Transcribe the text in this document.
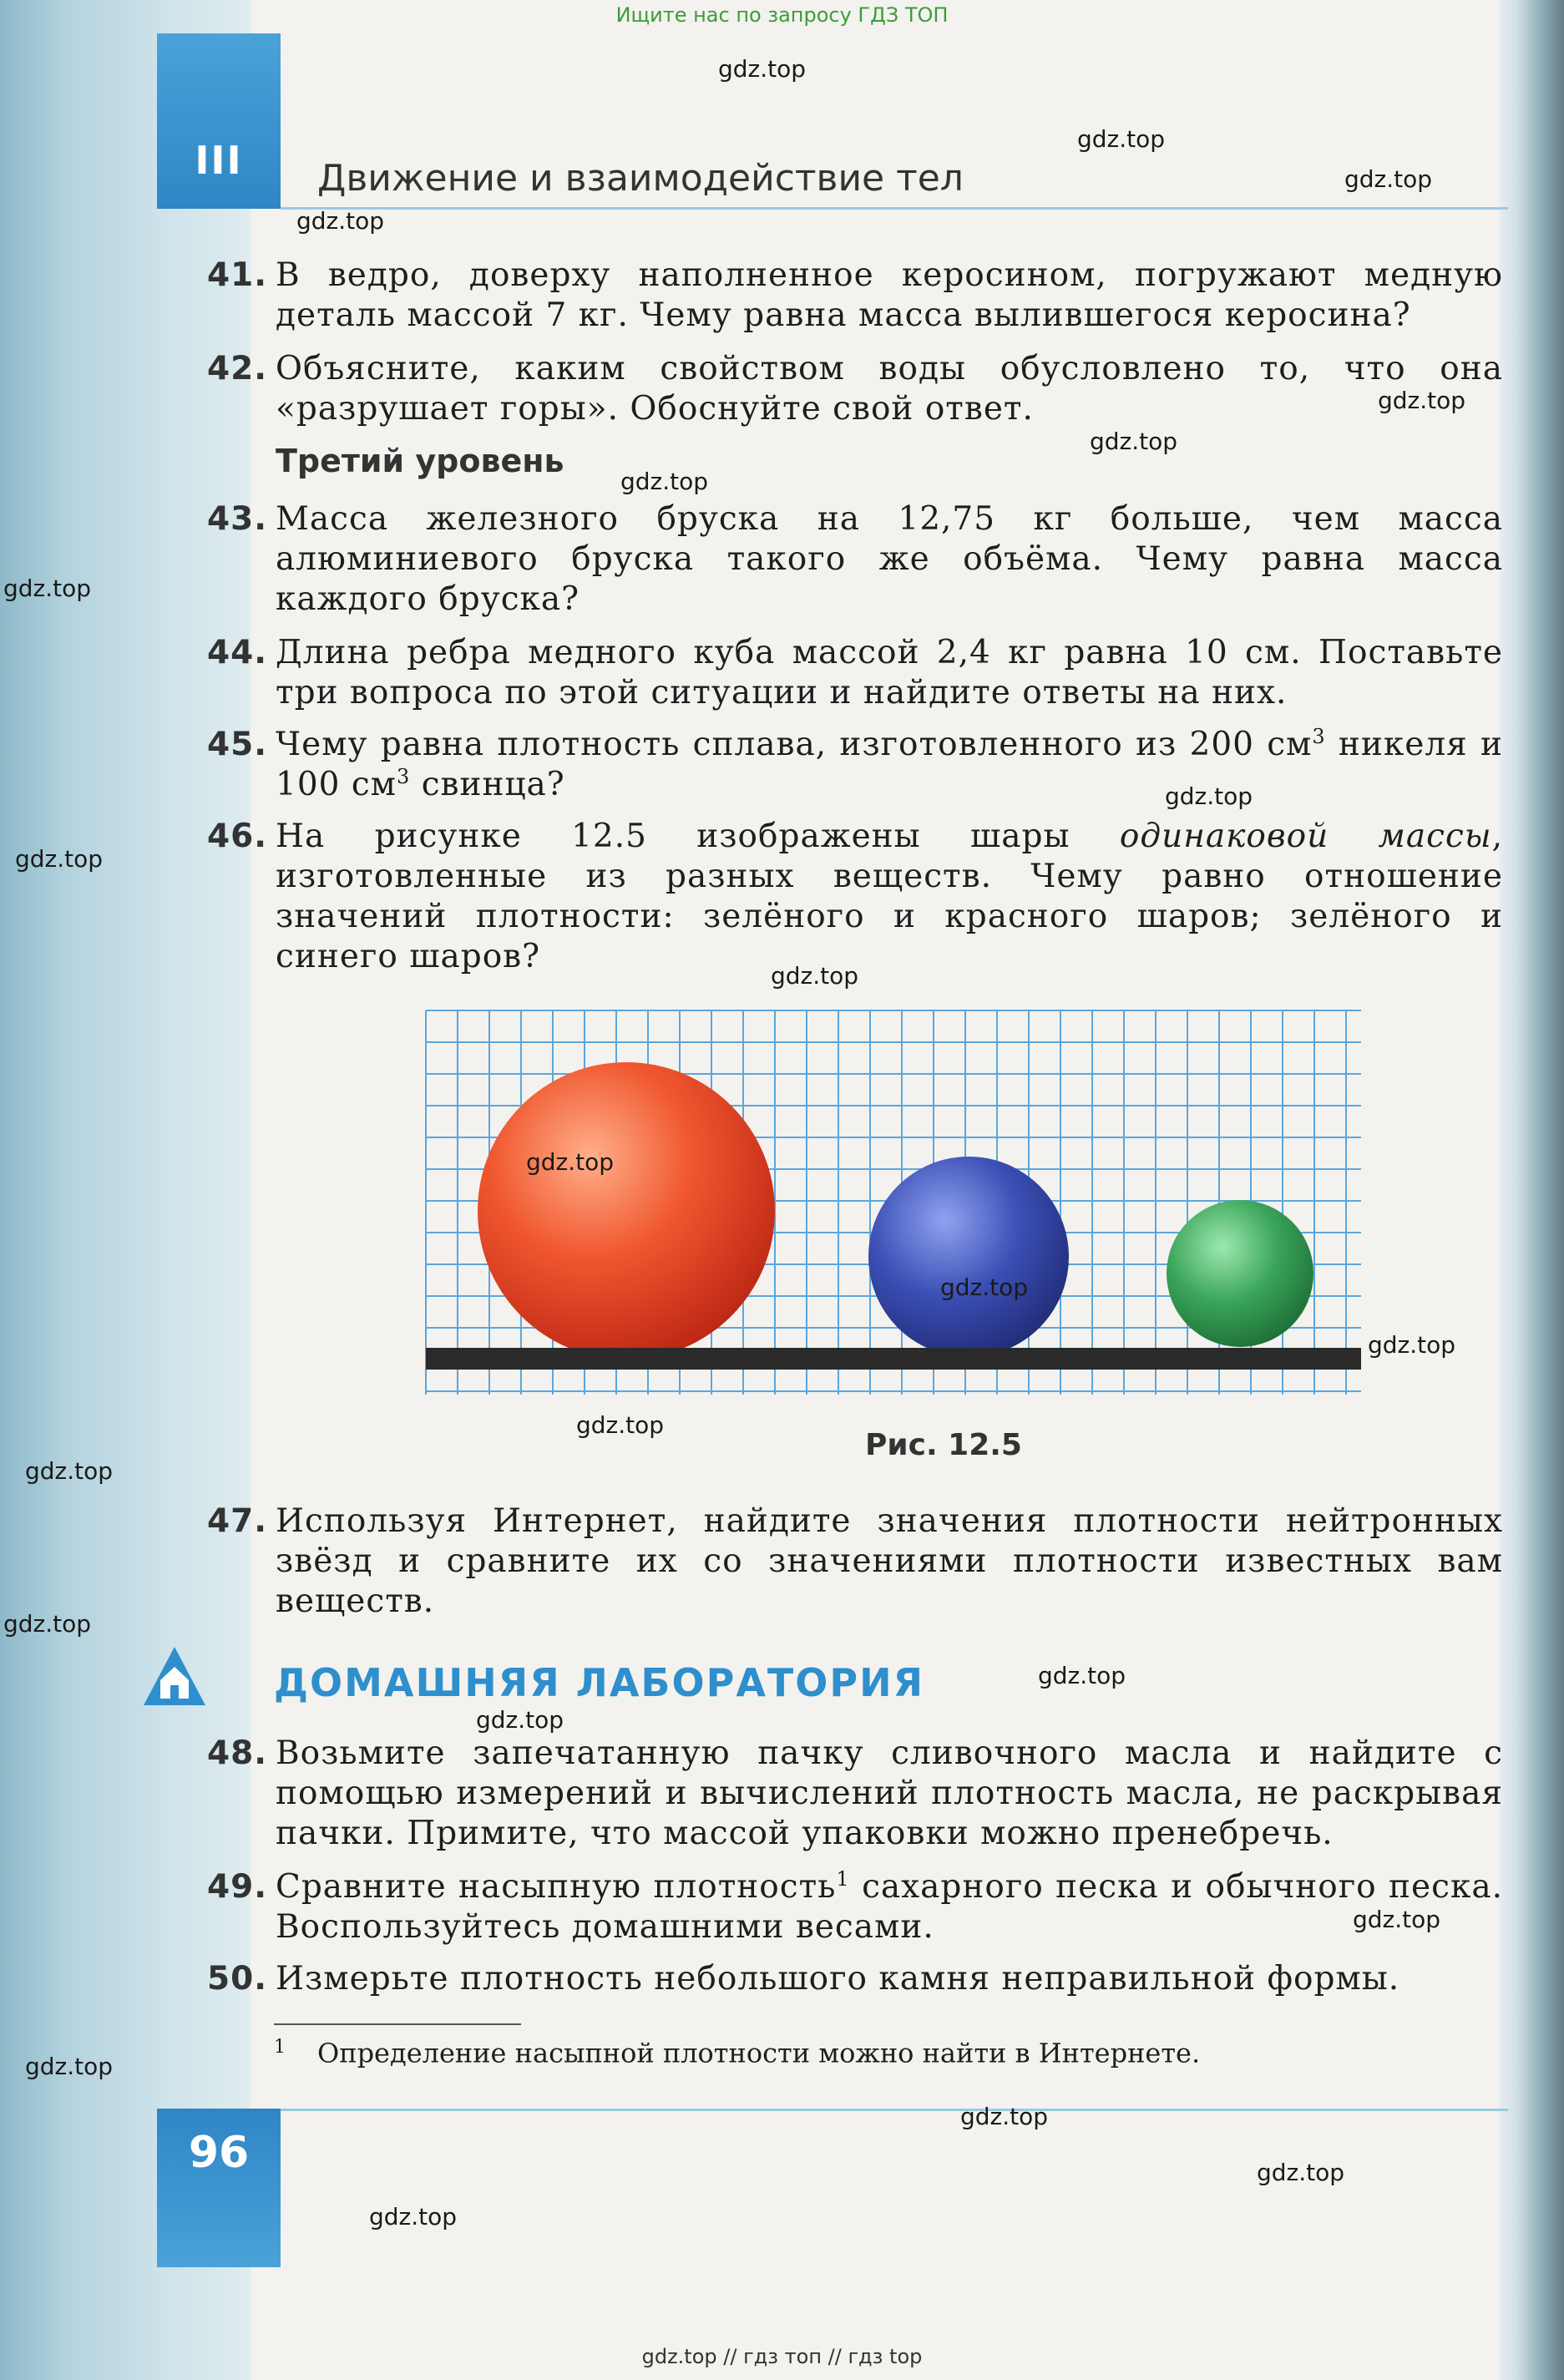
Ищите нас по запросу ГДЗ ТОП
III	Движение и взаимодействие тел

41. В ведро, доверху наполненное керосином, погружают медную деталь массой 7 кг. Чему равна масса вылившегося керосина?

42. Объясните, каким свойством воды обусловлено то, что она «разрушает горы». Обоснуйте свой ответ.

Третий уровень

43. Масса железного бруска на 12,75 кг больше, чем масса алюминиевого бруска такого же объёма. Чему равна масса каждого бруска?

44. Длина ребра медного куба массой 2,4 кг равна 10 см. Поставьте три вопроса по этой ситуации и найдите ответы на них.

45. Чему равна плотность сплава, изготовленного из 200 $см^3$ никеля и 100 $см^3$ свинца?

46. На рисунке 12.5 изображены шары одинаковой массы, изготовленные из разных веществ. Чему равно отношение значений плотности: зелёного и красного шаров; зелёного и синего шаров?

Рис. 12.5

47. Используя Интернет, найдите значения плотности нейтронных звёзд и сравните их со значениями плотности известных вам веществ.

ДОМАШНЯЯ ЛАБОРАТОРИЯ

48. Возьмите запечатанную пачку сливочного масла и найдите с помощью измерений и вычислений плотность масла, не раскрывая пачки. Примите, что массой упаковки можно пренебречь.

49. Сравните насыпную плотность$^1$ сахарного песка и обычного песка. Воспользуйтесь домашними весами.

50. Измерьте плотность небольшого камня неправильной формы.

$^1$ Определение насыпной плотности можно найти в Интернете.
96
gdz.top
gdz.top
gdz.top
gdz.top
gdz.top
gdz.top
gdz.top
gdz.top
gdz.top
gdz.top
gdz.top
gdz.top
gdz.top
gdz.top
gdz.top
gdz.top
gdz.top
gdz.top
gdz.top
gdz.top
gdz.top
gdz.top
gdz.top
gdz.top
gdz.top // гдз топ // гдз top
